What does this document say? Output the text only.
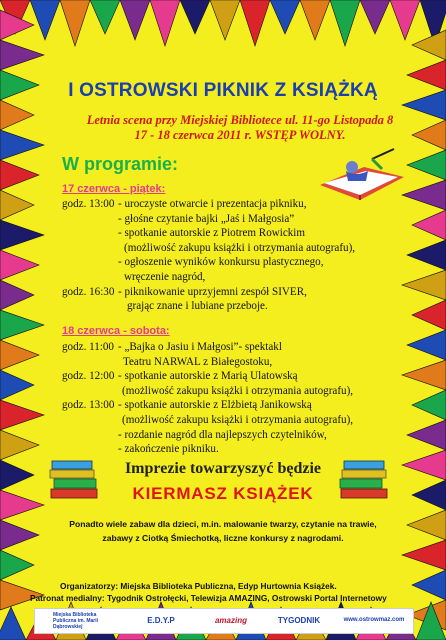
I OSTROWSKI PIKNIK Z KSIĄŻKĄ
Letnia scena przy Miejskiej Bibliotece ul. 11-go Listopada 8
17 - 18 czerwca 2011 r. WSTĘP WOLNY.
W programie:
17 czerwca - piątek:
godz. 13:00 - uroczyste otwarcie i prezentacja pikniku,
- głośne czytanie bajki „Jaś i Małgosia”
- spotkanie autorskie z Piotrem Rowickim
(możliwość zakupu książki i otrzymania autografu),
- ogłoszenie wyników konkursu plastycznego,
wręczenie nagród,
godz. 16:30 - piknikowanie uprzyjemni zespół SIVER,
grając znane i lubiane przeboje.
18 czerwca - sobota:
godz. 11:00 - „Bajka o Jasiu i Małgosi”- spektakl
Teatru NARWAL z Białegostoku,
godz. 12:00 - spotkanie autorskie z Marią Ulatowską
(możliwość zakupu książki i otrzymania autografu),
godz. 13:00 - spotkanie autorskie z Elżbietą Janikowską
(możliwość zakupu książki i otrzymania autografu),
- rozdanie nagród dla najlepszych czytelników,
- zakończenie pikniku.
Imprezie towarzyszyć będzie
KIERMASZ KSIĄŻEK
Ponadto wiele zabaw dla dzieci, m.in. malowanie twarzy, czytanie na trawie,
zabawy z Ciotką Śmiechotką, liczne konkursy z nagrodami.
Organizatorzy: Miejska Biblioteka Publiczna, Edyp Hurtownia Książek.
Patronat medialny: Tygodnik Ostrołęcki, Telewizja AMAZING, Ostrowski Portal Internetowy
Miejska Biblioteka Publiczna im. Marii Dąbrowskiej
E.D.Y.P	amazing	TYGODNIK	www.ostrowmaz.com
